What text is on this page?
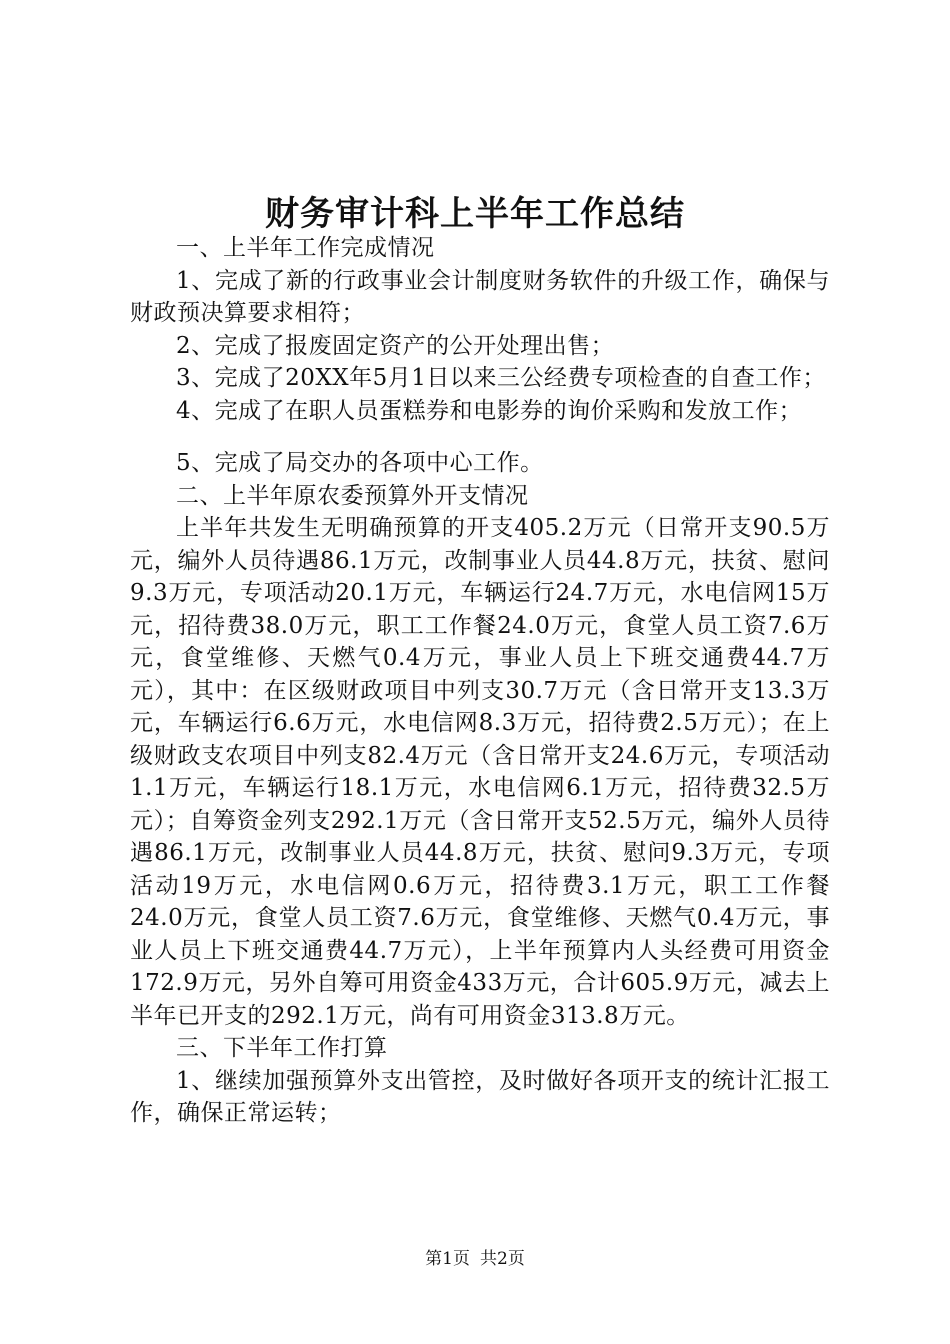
财务审计科上半年工作总结

一、上半年工作完成情况

1、完成了新的行政事业会计制度财务软件的升级工作，确保与财政预决算要求相符；

2、完成了报废固定资产的公开处理出售；

3、完成了20XX年5月1日以来三公经费专项检查的自查工作；

4、完成了在职人员蛋糕券和电影券的询价采购和发放工作；

5、完成了局交办的各项中心工作。

二、上半年原农委预算外开支情况

上半年共发生无明确预算的开支405.2万元（日常开支90.5万元，编外人员待遇86.1万元，改制事业人员44.8万元，扶贫、慰问9.3万元，专项活动20.1万元，车辆运行24.7万元，水电信网15万元，招待费38.0万元，职工工作餐24.0万元，食堂人员工资7.6万元，食堂维修、天燃气0.4万元，事业人员上下班交通费44.7万元），其中：在区级财政项目中列支30.7万元（含日常开支13.3万元，车辆运行6.6万元，水电信网8.3万元，招待费2.5万元）；在上级财政支农项目中列支82.4万元（含日常开支24.6万元，专项活动1.1万元，车辆运行18.1万元，水电信网6.1万元，招待费32.5万元）；自筹资金列支292.1万元（含日常开支52.5万元，编外人员待遇86.1万元，改制事业人员44.8万元，扶贫、慰问9.3万元，专项活动19万元，水电信网0.6万元，招待费3.1万元，职工工作餐24.0万元，食堂人员工资7.6万元，食堂维修、天燃气0.4万元，事业人员上下班交通费44.7万元），上半年预算内人头经费可用资金172.9万元，另外自筹可用资金433万元，合计605.9万元，减去上半年已开支的292.1万元，尚有可用资金313.8万元。

三、下半年工作打算

1、继续加强预算外支出管控，及时做好各项开支的统计汇报工作，确保正常运转；

第1页 共2页
